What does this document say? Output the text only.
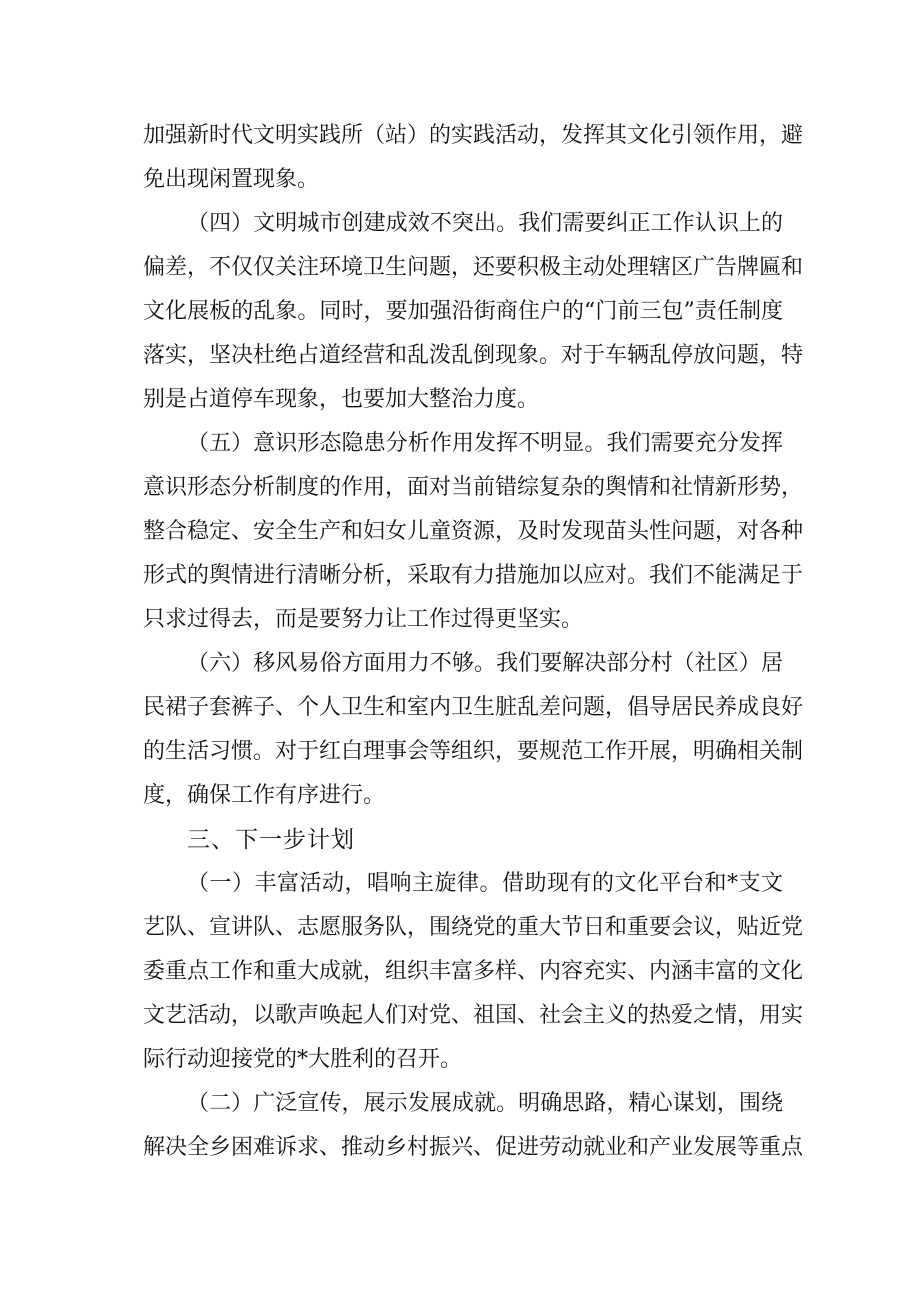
加强新时代文明实践所（站）的实践活动，发挥其文化引领作用，避
免出现闲置现象。
（四）文明城市创建成效不突出。我们需要纠正工作认识上的
偏差，不仅仅关注环境卫生问题，还要积极主动处理辖区广告牌匾和
文化展板的乱象。同时，要加强沿街商住户的“门前三包”责任制度
落实，坚决杜绝占道经营和乱泼乱倒现象。对于车辆乱停放问题，特
别是占道停车现象，也要加大整治力度。
（五）意识形态隐患分析作用发挥不明显。我们需要充分发挥
意识形态分析制度的作用，面对当前错综复杂的舆情和社情新形势，
整合稳定、安全生产和妇女儿童资源，及时发现苗头性问题，对各种
形式的舆情进行清晰分析，采取有力措施加以应对。我们不能满足于
只求过得去，而是要努力让工作过得更坚实。
（六）移风易俗方面用力不够。我们要解决部分村（社区）居
民裙子套裤子、个人卫生和室内卫生脏乱差问题，倡导居民养成良好
的生活习惯。对于红白理事会等组织，要规范工作开展，明确相关制
度，确保工作有序进行。
三、下一步计划
（一）丰富活动，唱响主旋律。借助现有的文化平台和*支文
艺队、宣讲队、志愿服务队，围绕党的重大节日和重要会议，贴近党
委重点工作和重大成就，组织丰富多样、内容充实、内涵丰富的文化
文艺活动，以歌声唤起人们对党、祖国、社会主义的热爱之情，用实
际行动迎接党的*大胜利的召开。
（二）广泛宣传，展示发展成就。明确思路，精心谋划，围绕
解决全乡困难诉求、推动乡村振兴、促进劳动就业和产业发展等重点
